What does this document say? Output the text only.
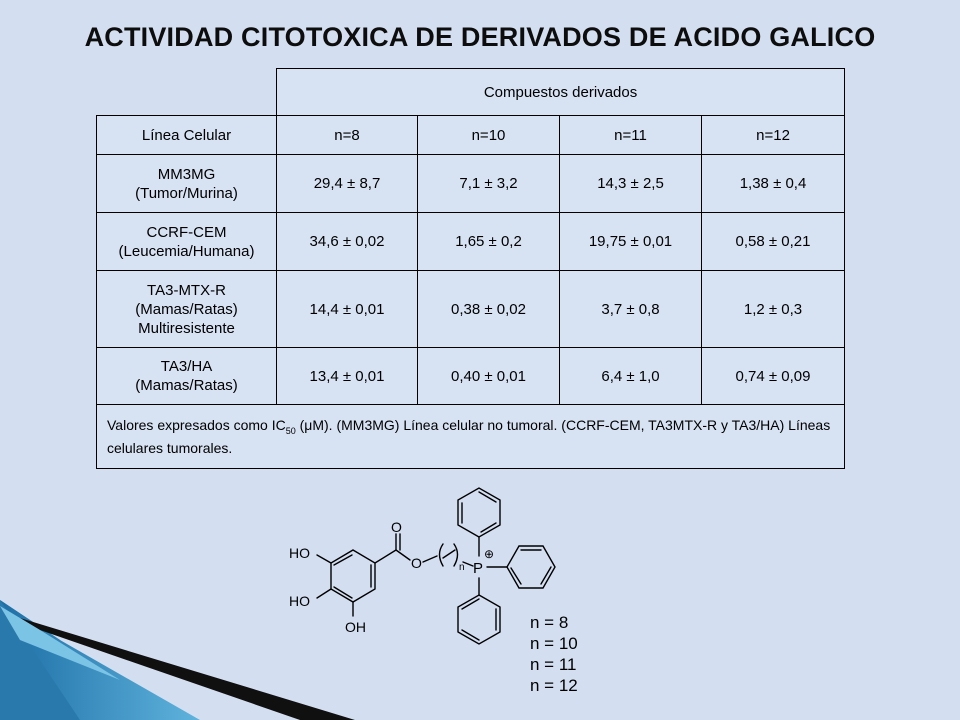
ACTIVIDAD CITOTOXICA DE DERIVADOS DE ACIDO GALICO
	Compuestos derivados			
Línea Celular	n=8	n=10	n=11	n=12

MM3MG
(Tumor/Murina)	29,4 ± 8,7	7,1 ± 3,2	14,3 ± 2,5	1,38 ± 0,4

CCRF-CEM
(Leucemia/Humana)	34,6 ± 0,02	1,65 ± 0,2	19,75 ± 0,01	0,58 ± 0,21

TA3-MTX-R
(Mamas/Ratas)
Multiresistente	14,4 ± 0,01	0,38 ± 0,02	3,7 ± 0,8	1,2 ± 0,3

TA3/HA
(Mamas/Ratas)	13,4 ± 0,01	0,40 ± 0,01	6,4 ± 1,0	0,74 ± 0,09
Valores expresados como $IC_{50}$ (μM). (MM3MG) Línea celular no tumoral. (CCRF-CEM, TA3MTX-R y TA3/HA) Líneas celulares tumorales.				
O
O
HO
HO
OH
P
⊕
n
n = 8
n = 10
n = 11
n = 12
